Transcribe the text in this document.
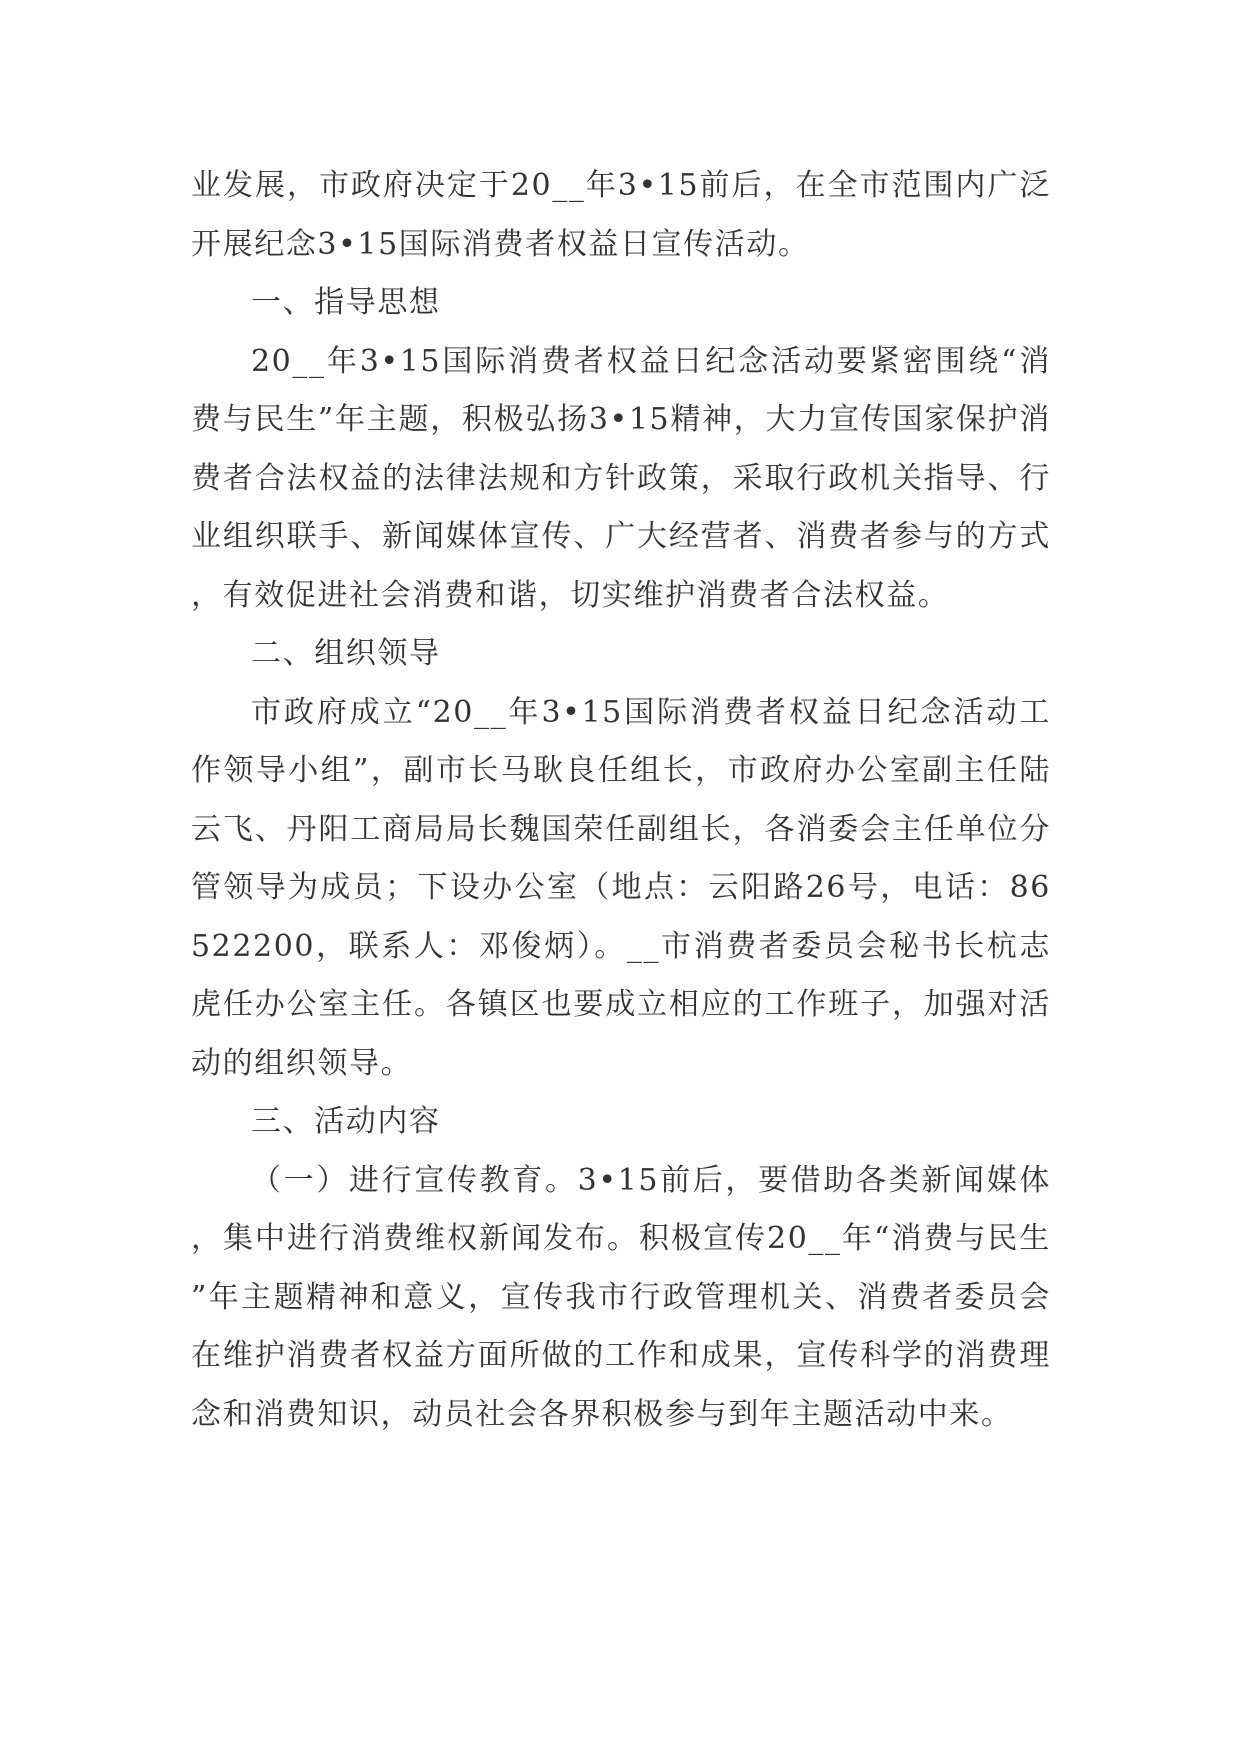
业发展，市政府决定于20__年3•15前后，在全市范围内广泛开展纪念3•15国际消费者权益日宣传活动。

一、指导思想

20__年3•15国际消费者权益日纪念活动要紧密围绕“消费与民生”年主题，积极弘扬3•15精神，大力宣传国家保护消费者合法权益的法律法规和方针政策，采取行政机关指导、行业组织联手、新闻媒体宣传、广大经营者、消费者参与的方式，有效促进社会消费和谐，切实维护消费者合法权益。

二、组织领导

市政府成立“20__年3•15国际消费者权益日纪念活动工作领导小组”，副市长马耿良任组长，市政府办公室副主任陆云飞、丹阳工商局局长魏国荣任副组长，各消委会主任单位分管领导为成员；下设办公室（地点：云阳路26号，电话：86522200，联系人：邓俊炳）。__市消费者委员会秘书长杭志虎任办公室主任。各镇区也要成立相应的工作班子，加强对活动的组织领导。

三、活动内容

（一）进行宣传教育。3•15前后，要借助各类新闻媒体，集中进行消费维权新闻发布。积极宣传20__年“消费与民生”年主题精神和意义，宣传我市行政管理机关、消费者委员会在维护消费者权益方面所做的工作和成果，宣传科学的消费理念和消费知识，动员社会各界积极参与到年主题活动中来。
